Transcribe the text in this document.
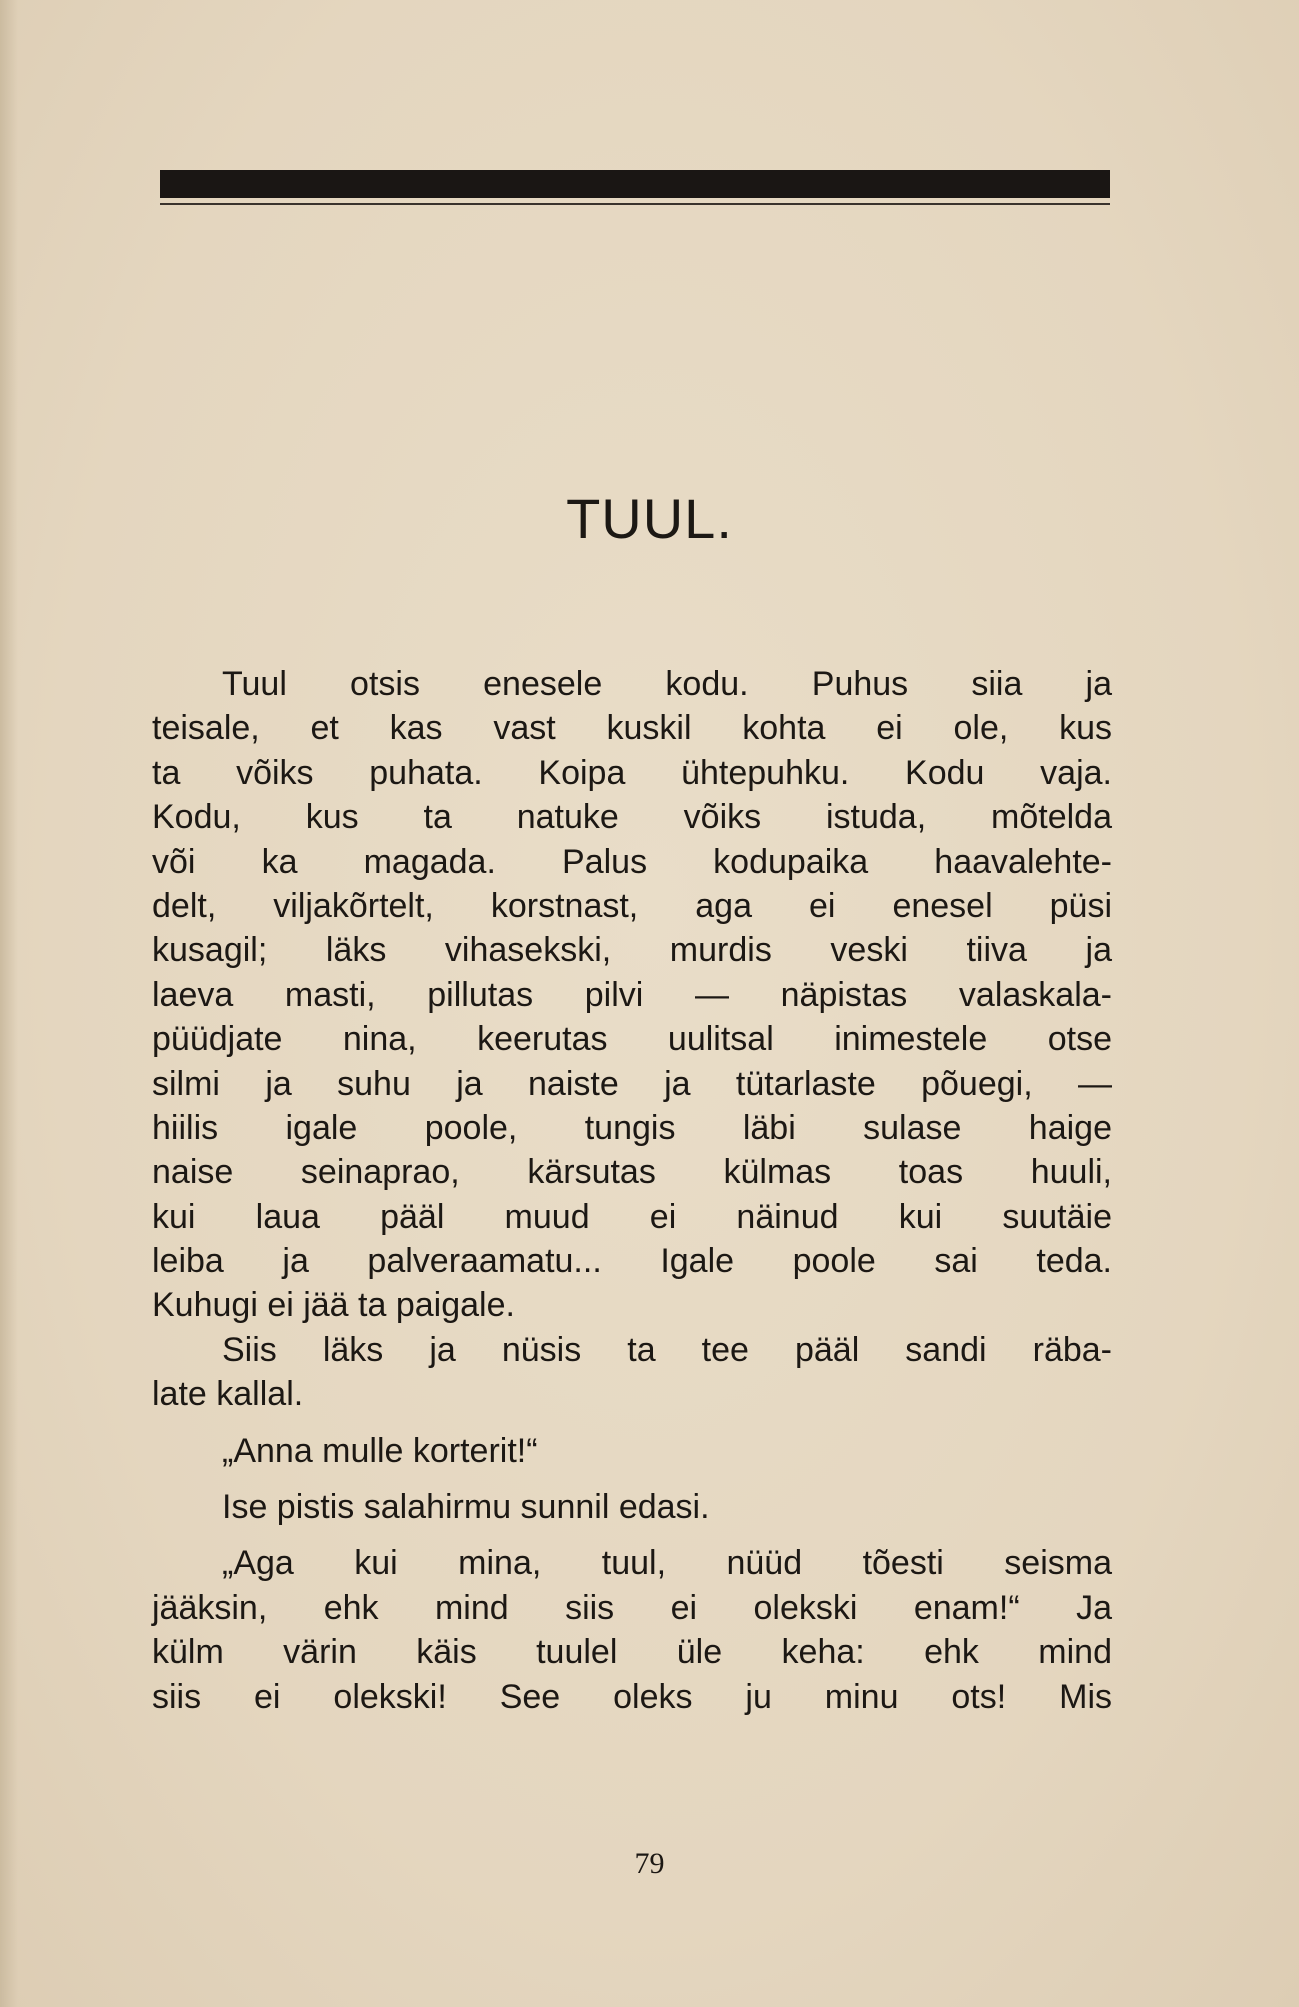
TUUL.
Tuul otsis enesele kodu. Puhus siia ja
teisale, et kas vast kuskil kohta ei ole, kus
ta võiks puhata. Koipa ühtepuhku. Kodu vaja.
Kodu, kus ta natuke võiks istuda, mõtelda
või ka magada. Palus kodupaika haavalehte-
delt, viljakõrtelt, korstnast, aga ei enesel püsi
kusagil; läks vihasekski, murdis veski tiiva ja
laeva masti, pillutas pilvi — näpistas valaskala-
püüdjate nina, keerutas uulitsal inimestele otse
silmi ja suhu ja naiste ja tütarlaste põuegi, —
hiilis igale poole, tungis läbi sulase haige
naise seinaprao, kärsutas külmas toas huuli,
kui laua pääl muud ei näinud kui suutäie
leiba ja palveraamatu... Igale poole sai teda.
Kuhugi ei jää ta paigale.
Siis läks ja nüsis ta tee pääl sandi räba-
late kallal.
„Anna mulle korterit!“
Ise pistis salahirmu sunnil edasi.
„Aga kui mina, tuul, nüüd tõesti seisma
jääksin, ehk mind siis ei olekski enam!“ Ja
külm värin käis tuulel üle keha: ehk mind
siis ei olekski! See oleks ju minu ots! Mis
79
